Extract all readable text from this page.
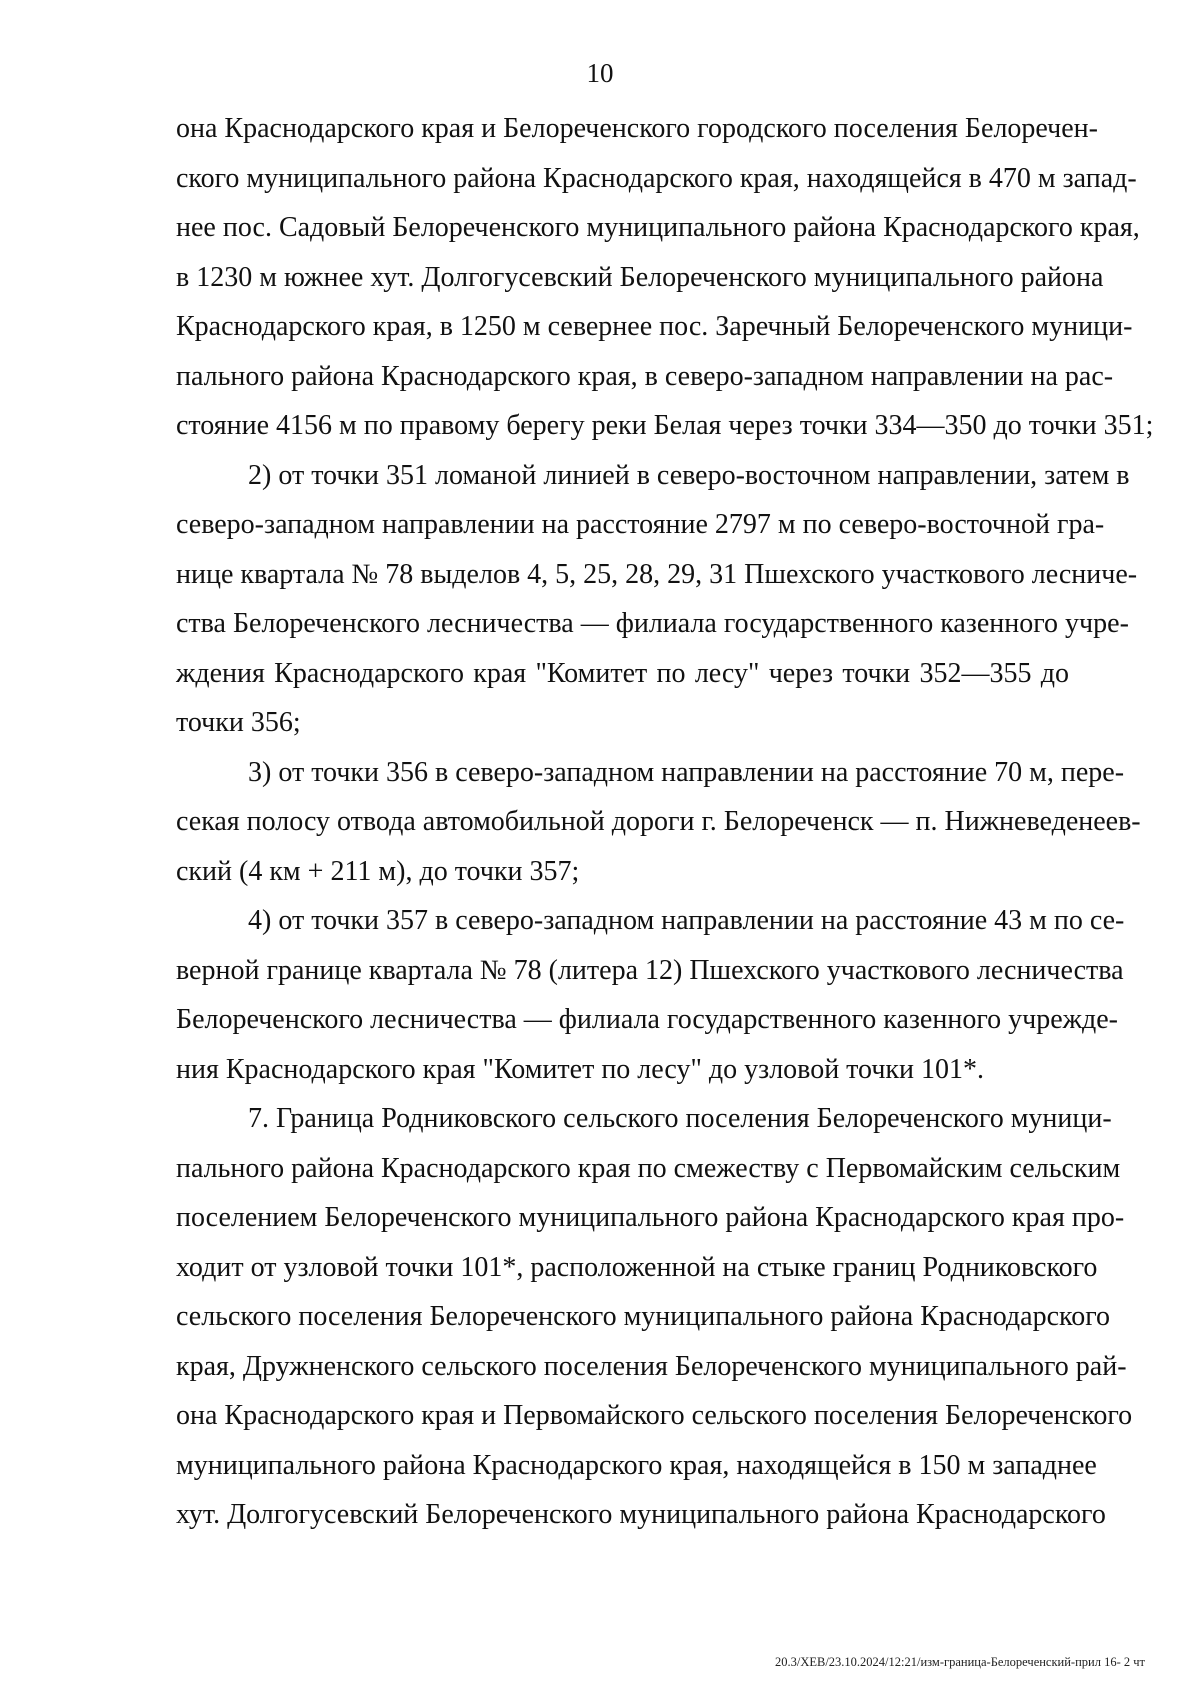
10

она Краснодарского края и Белореченского городского поселения Белоречен-
ского муниципального района Краснодарского края, находящейся в 470 м запад-
нее пос. Садовый Белореченского муниципального района Краснодарского края,
в 1230 м южнее хут. Долгогусевский Белореченского муниципального района
Краснодарского края, в 1250 м севернее пос. Заречный Белореченского муници-
пального района Краснодарского края, в северо-западном направлении на рас-
стояние 4156 м по правому берегу реки Белая через точки 334—350 до точки 351;

2) от точки 351 ломаной линией в северо-восточном направлении, затем в
северо-западном направлении на расстояние 2797 м по северо-восточной гра-
нице квартала № 78 выделов 4, 5, 25, 28, 29, 31 Пшехского участкового лесниче-
ства Белореченского лесничества — филиала государственного казенного учре-
ждения Краснодарского края "Комитет по лесу" через точки 352—355 до
точки 356;

3) от точки 356 в северо-западном направлении на расстояние 70 м, пере-
секая полосу отвода автомобильной дороги г. Белореченск — п. Нижневеденеев-
ский (4 км + 211 м), до точки 357;

4) от точки 357 в северо-западном направлении на расстояние 43 м по се-
верной границе квартала № 78 (литера 12) Пшехского участкового лесничества
Белореченского лесничества — филиала государственного казенного учрежде-
ния Краснодарского края "Комитет по лесу" до узловой точки 101*.

7. Граница Родниковского сельского поселения Белореченского муници-
пального района Краснодарского края по смежеству с Первомайским сельским
поселением Белореченского муниципального района Краснодарского края про-
ходит от узловой точки 101*, расположенной на стыке границ Родниковского
сельского поселения Белореченского муниципального района Краснодарского
края, Дружненского сельского поселения Белореченского муниципального рай-
она Краснодарского края и Первомайского сельского поселения Белореченского
муниципального района Краснодарского края, находящейся в 150 м западнее
хут. Долгогусевский Белореченского муниципального района Краснодарского

20.3/ХЕВ/23.10.2024/12:21/изм-граница-Белореченский-прил 16- 2 чт
